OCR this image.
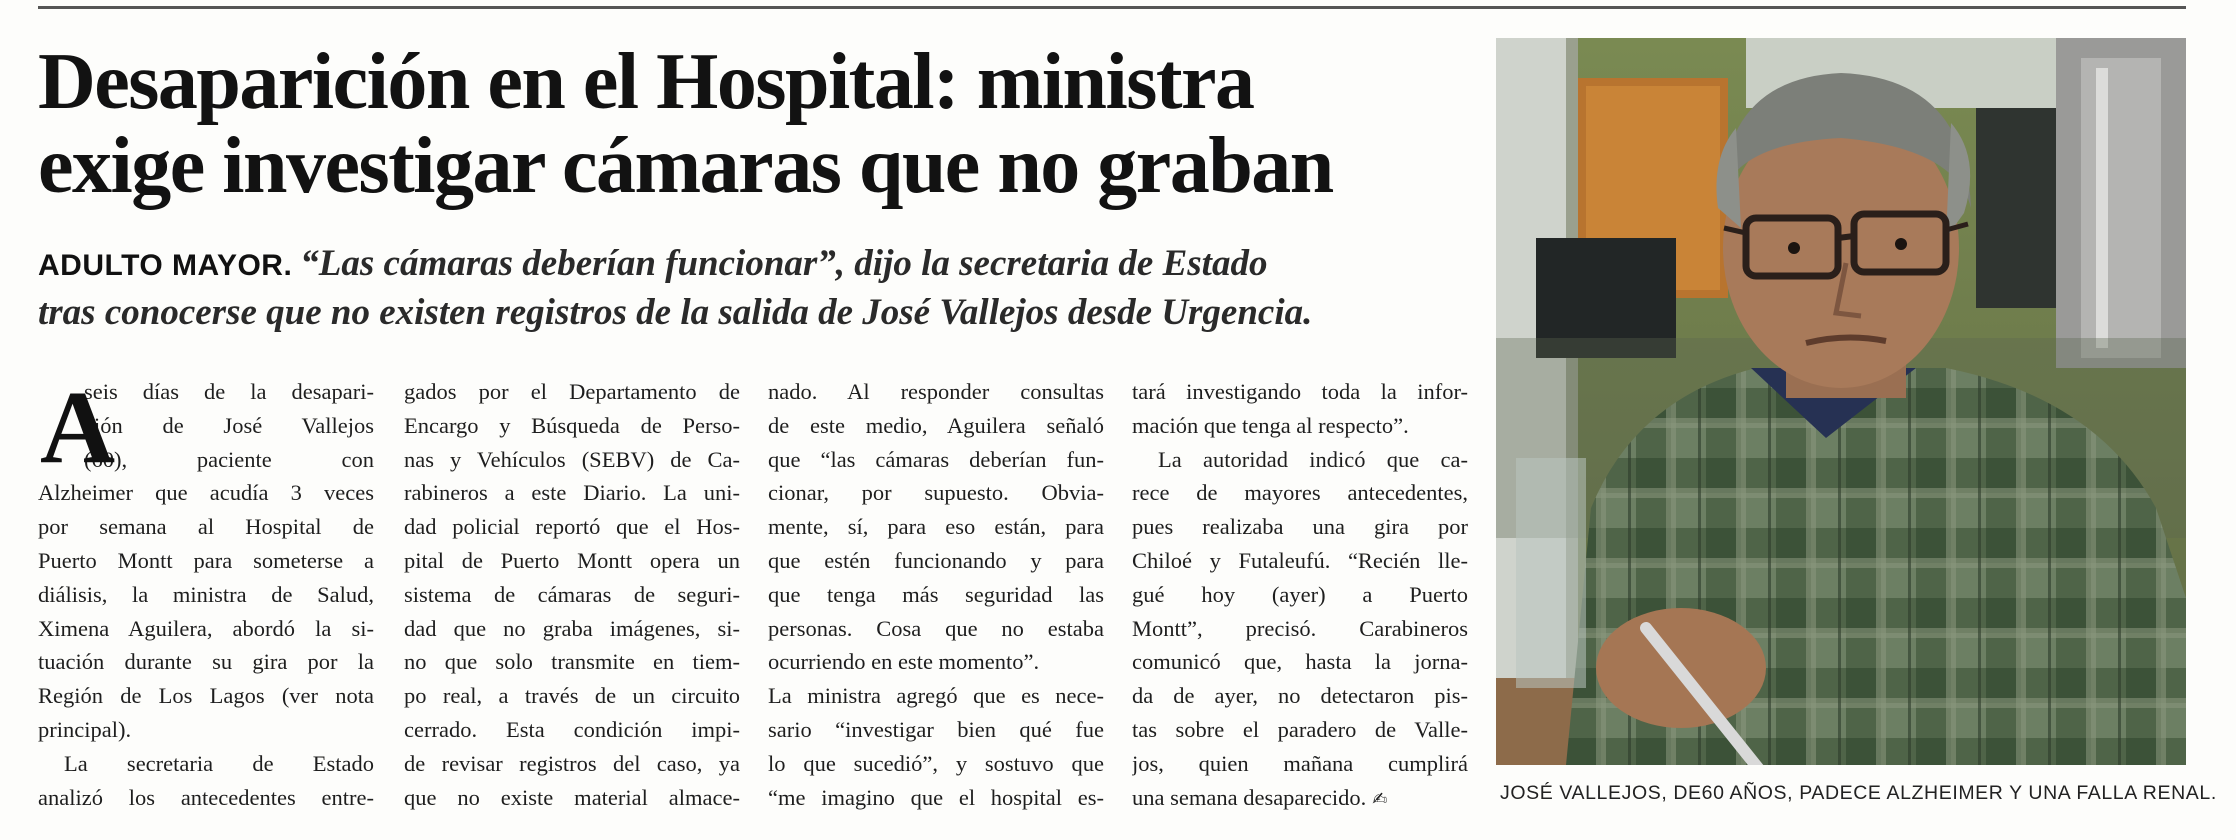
Desaparición en el Hospital: ministra
exige investigar cámaras que no graban
ADULTO MAYOR. “Las cámaras deberían funcionar”, dijo la secretaria de Estado
tras conocerse que no existen registros de la salida de José Vallejos desde Urgencia.
A
seis días de la desapari-
ción de José Vallejos
(60), paciente con
Alzheimer que acudía 3 veces
por semana al Hospital de
Puerto Montt para someterse a
diálisis, la ministra de Salud,
Ximena Aguilera, abordó la si-
tuación durante su gira por la
Región de Los Lagos (ver nota
principal).
La secretaria de Estado
analizó los antecedentes entre-
gados por el Departamento de
Encargo y Búsqueda de Perso-
nas y Vehículos (SEBV) de Ca-
rabineros a este Diario. La uni-
dad policial reportó que el Hos-
pital de Puerto Montt opera un
sistema de cámaras de seguri-
dad que no graba imágenes, si-
no que solo transmite en tiem-
po real, a través de un circuito
cerrado. Esta condición impi-
de revisar registros del caso, ya
que no existe material almace-
nado. Al responder consultas
de este medio, Aguilera señaló
que “las cámaras deberían fun-
cionar, por supuesto. Obvia-
mente, sí, para eso están, para
que estén funcionando y para
que tenga más seguridad las
personas. Cosa que no estaba
ocurriendo en este momento”.
La ministra agregó que es nece-
sario “investigar bien qué fue
lo que sucedió”, y sostuvo que
“me imagino que el hospital es-
tará investigando toda la infor-
mación que tenga al respecto”.
La autoridad indicó que ca-
rece de mayores antecedentes,
pues realizaba una gira por
Chiloé y Futaleufú. “Recién lle-
gué hoy (ayer) a Puerto
Montt”, precisó. Carabineros
comunicó que, hasta la jorna-
da de ayer, no detectaron pis-
tas sobre el paradero de Valle-
jos, quien mañana cumplirá
una semana desaparecido. ✍	JOSÉ VALLEJOS, DE60 AÑOS, PADECE ALZHEIMER Y UNA FALLA RENAL.
